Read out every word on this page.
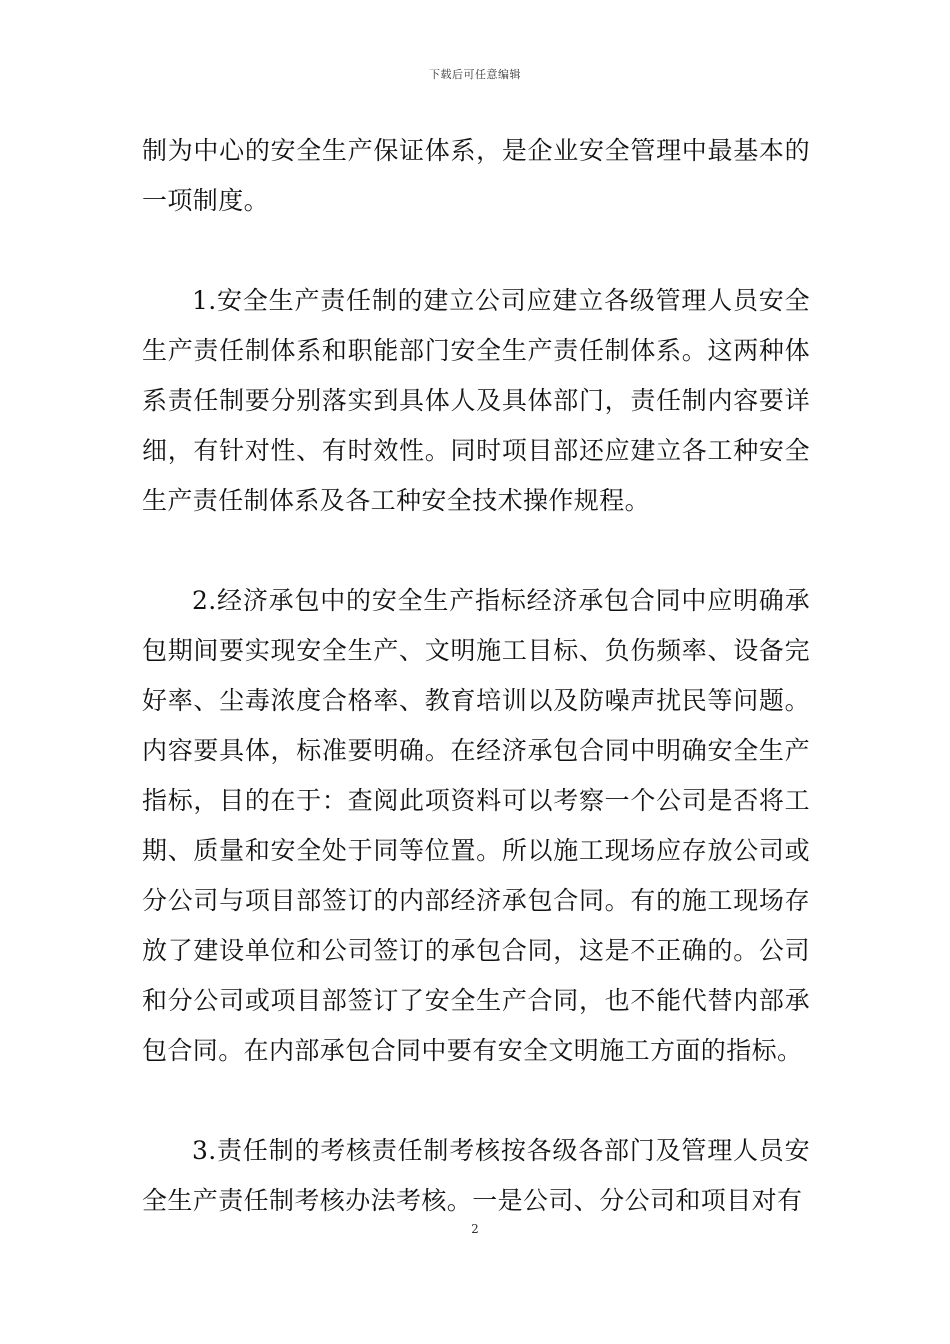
下载后可任意编辑

制为中心的安全生产保证体系，是企业安全管理中最基本的一项制度。

1.安全生产责任制的建立公司应建立各级管理人员安全生产责任制体系和职能部门安全生产责任制体系。这两种体系责任制要分别落实到具体人及具体部门，责任制内容要详细，有针对性、有时效性。同时项目部还应建立各工种安全生产责任制体系及各工种安全技术操作规程。

2.经济承包中的安全生产指标经济承包合同中应明确承包期间要实现安全生产、文明施工目标、负伤频率、设备完好率、尘毒浓度合格率、教育培训以及防噪声扰民等问题。内容要具体，标准要明确。在经济承包合同中明确安全生产指标，目的在于：查阅此项资料可以考察一个公司是否将工期、质量和安全处于同等位置。所以施工现场应存放公司或分公司与项目部签订的内部经济承包合同。有的施工现场存放了建设单位和公司签订的承包合同，这是不正确的。公司和分公司或项目部签订了安全生产合同，也不能代替内部承包合同。在内部承包合同中要有安全文明施工方面的指标。

3.责任制的考核责任制考核按各级各部门及管理人员安全生产责任制考核办法考核。一是公司、分公司和项目对有

2
